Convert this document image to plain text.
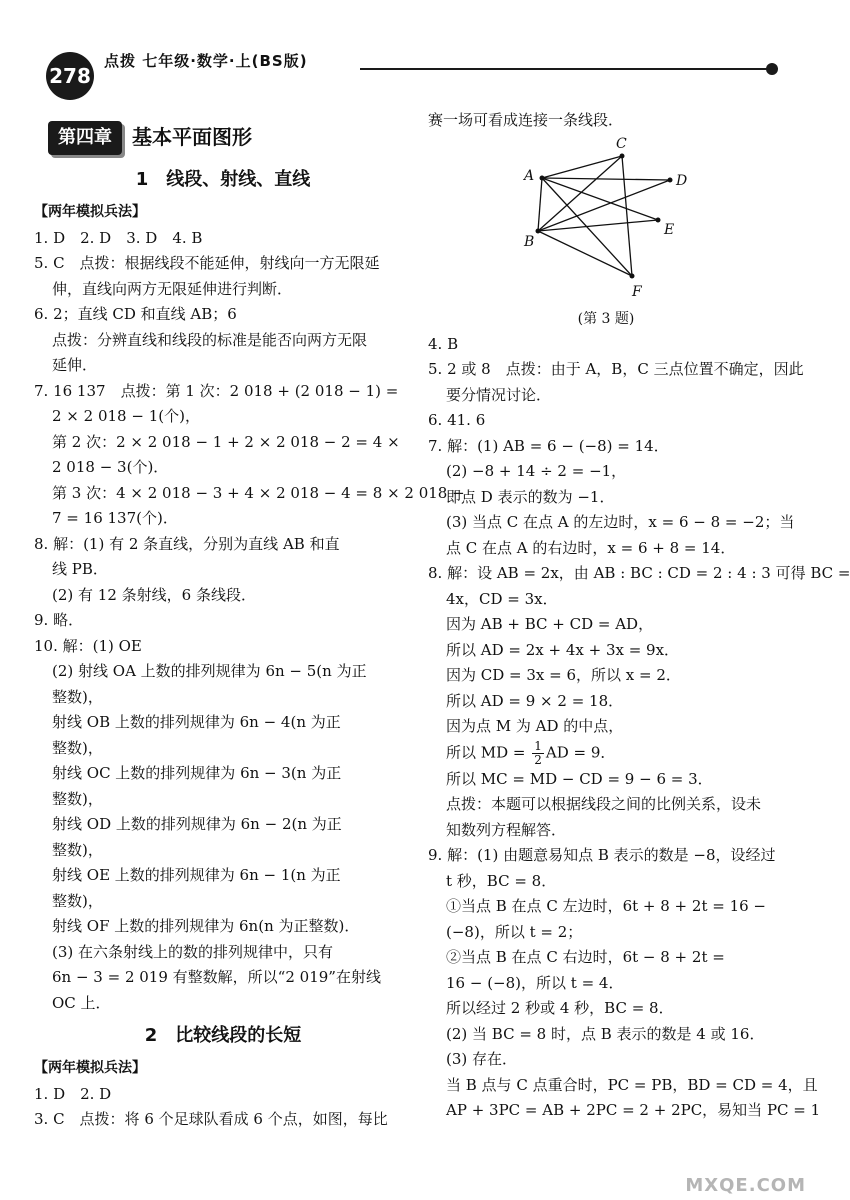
278
点拨 七年级·数学·上(BS版)
第四章	基本平面图形
1　线段、射线、直线
【两年模拟兵法】
1. D　2. D　3. D　4. B
5. C　点拨：根据线段不能延伸，射线向一方无限延
伸，直线向两方无限延伸进行判断．
6. 2；直线 CD 和直线 AB；6
点拨：分辨直线和线段的标准是能否向两方无限
延伸．
7. 16 137　点拨：第 1 次：2 018 + (2 018 − 1) =
2 × 2 018 − 1(个)，
第 2 次：2 × 2 018 − 1 + 2 × 2 018 − 2 = 4 ×
2 018 − 3(个)．
第 3 次：4 × 2 018 − 3 + 4 × 2 018 − 4 = 8 × 2 018 −
7 = 16 137(个)．
8. 解：(1) 有 2 条直线，分别为直线 AB 和直
线 PB．
(2) 有 12 条射线，6 条线段．
9. 略．
10. 解：(1) OE
(2) 射线 OA 上数的排列规律为 6n − 5(n 为正
整数)，
射线 OB 上数的排列规律为 6n − 4(n 为正
整数)，
射线 OC 上数的排列规律为 6n − 3(n 为正
整数)，
射线 OD 上数的排列规律为 6n − 2(n 为正
整数)，
射线 OE 上数的排列规律为 6n − 1(n 为正
整数)，
射线 OF 上数的排列规律为 6n(n 为正整数)．
(3) 在六条射线上的数的排列规律中，只有
6n − 3 = 2 019 有整数解，所以“2 019”在射线
OC 上．
2　比较线段的长短
【两年模拟兵法】
1. D　2. D
3. C　点拨：将 6 个足球队看成 6 个点，如图，每比
赛一场可看成连接一条线段．
A
B
C
D
E
F
(第 3 题)
4. B
5. 2 或 8　点拨：由于 A，B，C 三点位置不确定，因此
要分情况讨论．
6. 41. 6
7. 解：(1) AB = 6 − (−8) = 14．
(2) −8 + 14 ÷ 2 = −1，
即点 D 表示的数为 −1．
(3) 当点 C 在点 A 的左边时，x = 6 − 8 = −2；当
点 C 在点 A 的右边时，x = 6 + 8 = 14．
8. 解：设 AB = 2x，由 AB : BC : CD = 2 : 4 : 3 可得 BC =
4x，CD = 3x．
因为 AB + BC + CD = AD，
所以 AD = 2x + 4x + 3x = 9x．
因为 CD = 3x = 6，所以 x = 2．
所以 AD = 9 × 2 = 18．
因为点 M 为 AD 的中点，
所以 MD = $\frac{1}{2}$ AD = 9．
所以 MC = MD − CD = 9 − 6 = 3．
点拨：本题可以根据线段之间的比例关系，设未
知数列方程解答．
9. 解：(1) 由题意易知点 B 表示的数是 −8，设经过
t 秒，BC = 8．
①当点 B 在点 C 左边时，6t + 8 + 2t = 16 −
(−8)，所以 t = 2；
②当点 B 在点 C 右边时，6t − 8 + 2t =
16 − (−8)，所以 t = 4．
所以经过 2 秒或 4 秒，BC = 8．
(2) 当 BC = 8 时，点 B 表示的数是 4 或 16．
(3) 存在．
当 B 点与 C 点重合时，PC = PB，BD = CD = 4，且
AP + 3PC = AB + 2PC = 2 + 2PC，易知当 PC = 1
MXQE.COM
